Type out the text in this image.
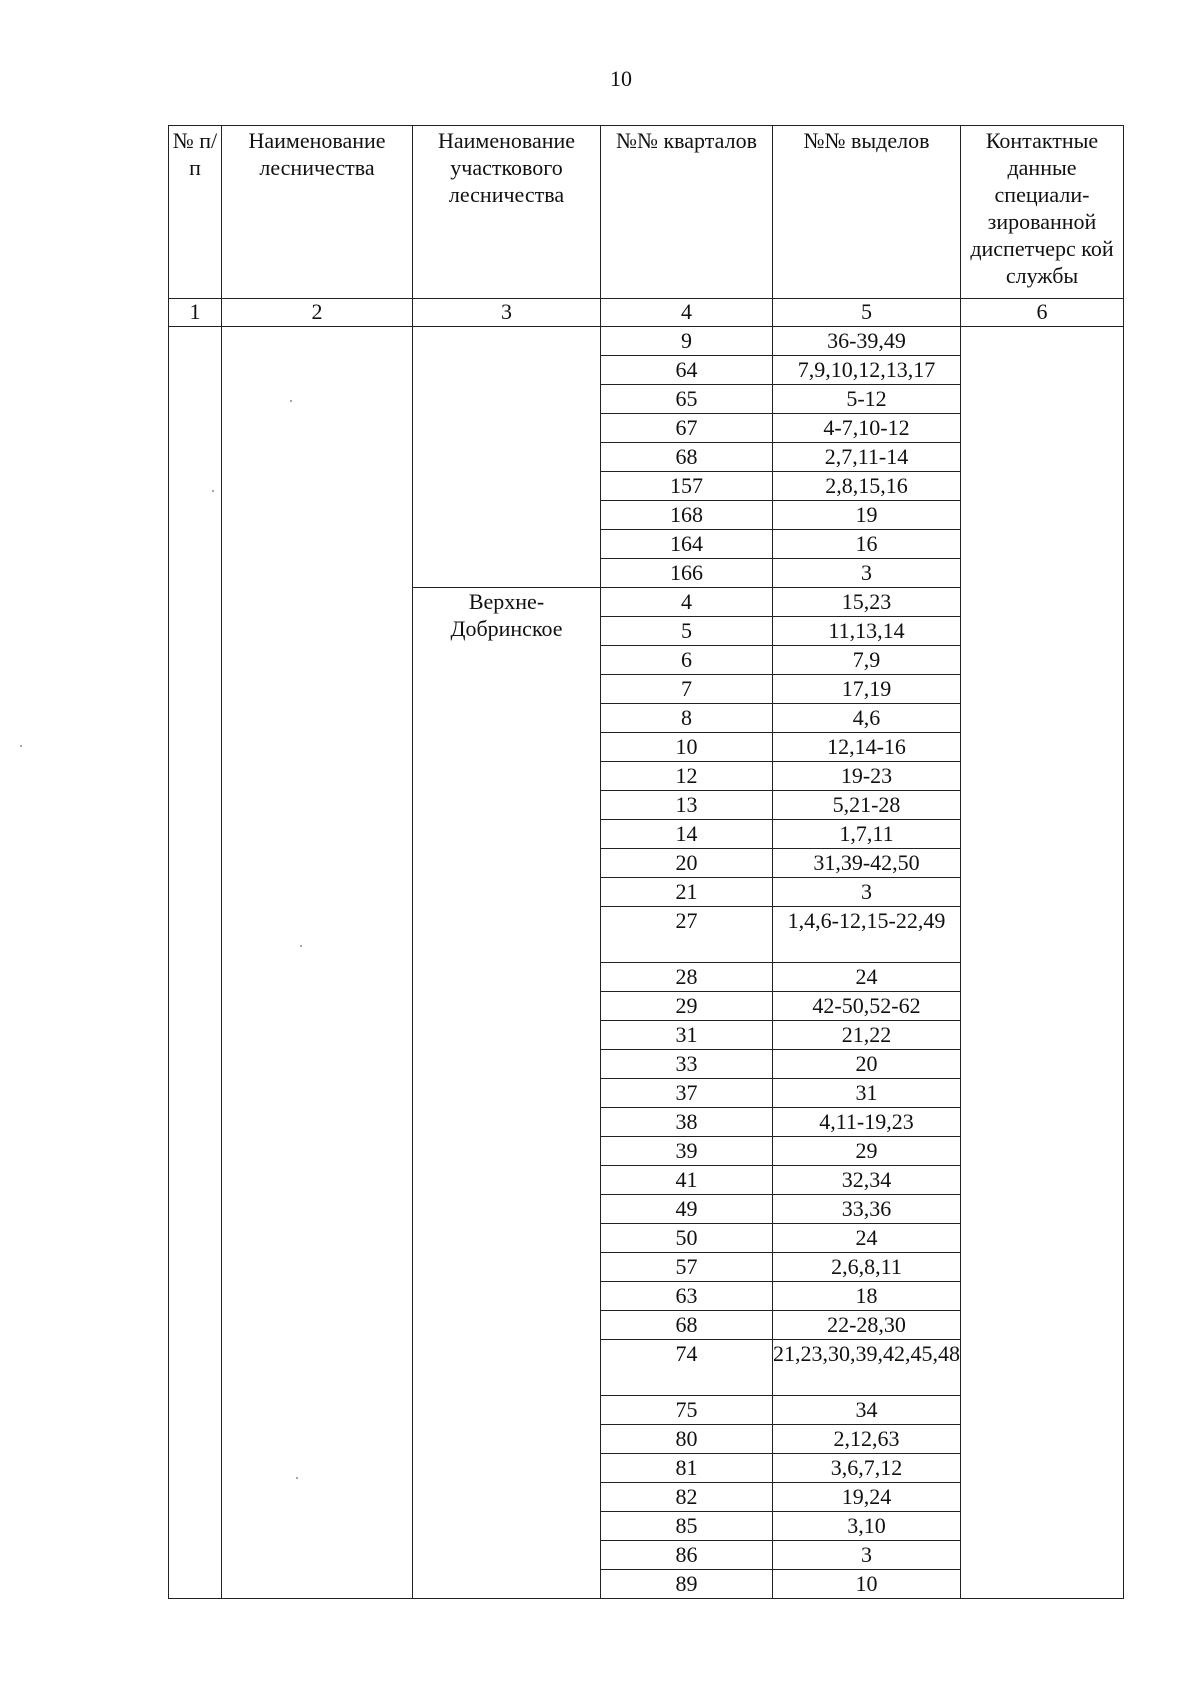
10
№ п/п	Наименование лесничества	Наименование участкового лесничества	№№ кварталов	№№ выделов	Контактные данные специали-зированной диспетчерс кой службы
1	2	3	4	5	6
			9	36-39,49	
			64	7,9,10,12,13,17	
			65	5-12	
			67	4-7,10-12	
			68	2,7,11-14	
			157	2,8,15,16	
			168	19	
			164	16	
			166	3	
		Верхне-Добринское	4	15,23	
			5	11,13,14	
			6	7,9	
			7	17,19	
			8	4,6	
			10	12,14-16	
			12	19-23	
			13	5,21-28	
			14	1,7,11	
			20	31,39-42,50	
			21	3	
			27	1,4,6-12,15-22,49	
			28	24	
			29	42-50,52-62	
			31	21,22	
			33	20	
			37	31	
			38	4,11-19,23	
			39	29	
			41	32,34	
			49	33,36	
			50	24	
			57	2,6,8,11	
			63	18	
			68	22-28,30	
			74	21,23,30,39,42,45,48	
			75	34	
			80	2,12,63	
			81	3,6,7,12	
			82	19,24	
			85	3,10	
			86	3	
			89	10	
